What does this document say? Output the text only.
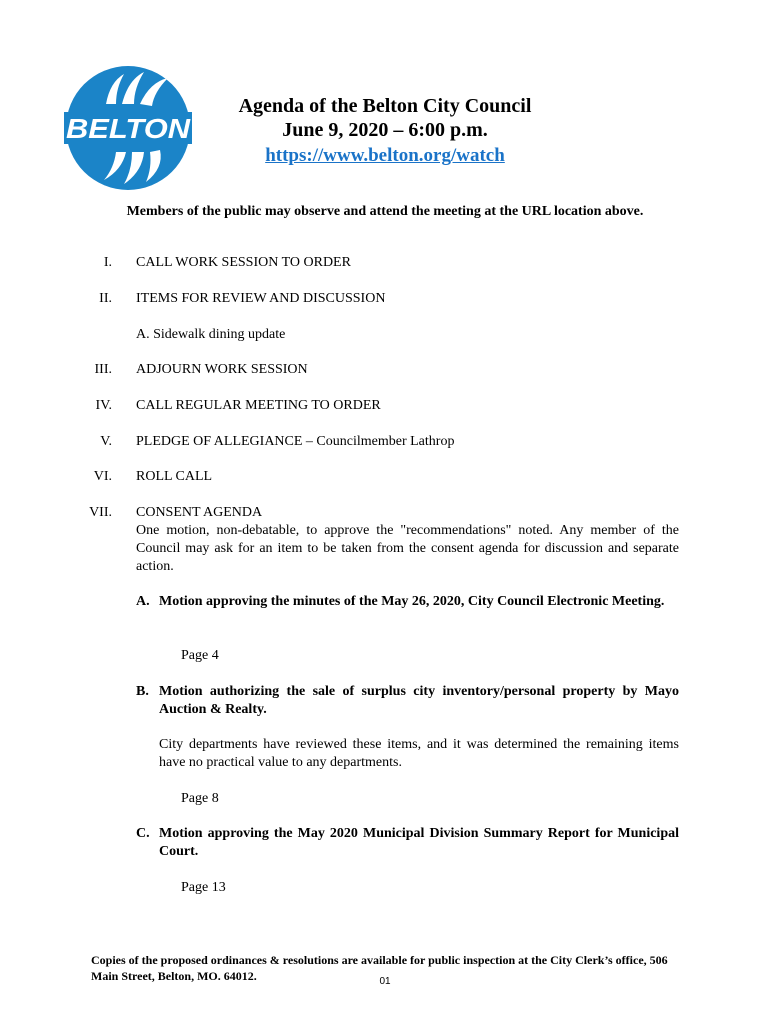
BELTON
Agenda of the Belton City Council
June 9, 2020 – 6:00 p.m.
https://www.belton.org/watch
Members of the public may observe and attend the meeting at the URL location above.
I. CALL WORK SESSION TO ORDER
II. ITEMS FOR REVIEW AND DISCUSSION
A. Sidewalk dining update
III. ADJOURN WORK SESSION
IV. CALL REGULAR MEETING TO ORDER
V. PLEDGE OF ALLEGIANCE – Councilmember Lathrop
VI. ROLL CALL
VII. CONSENT AGENDA
One motion, non-debatable, to approve the "recommendations" noted. Any member of the Council may ask for an item to be taken from the consent agenda for discussion and separate action.
A. Motion approving the minutes of the May 26, 2020, City Council Electronic Meeting.
Page 4
B. Motion authorizing the sale of surplus city inventory/personal property by Mayo Auction & Realty.
City departments have reviewed these items, and it was determined the remaining items have no practical value to any departments.
Page 8
C. Motion approving the May 2020 Municipal Division Summary Report for Municipal Court.
Page 13
Copies of the proposed ordinances & resolutions are available for public inspection at the City Clerk’s office, 506 Main Street, Belton, MO. 64012.	01
